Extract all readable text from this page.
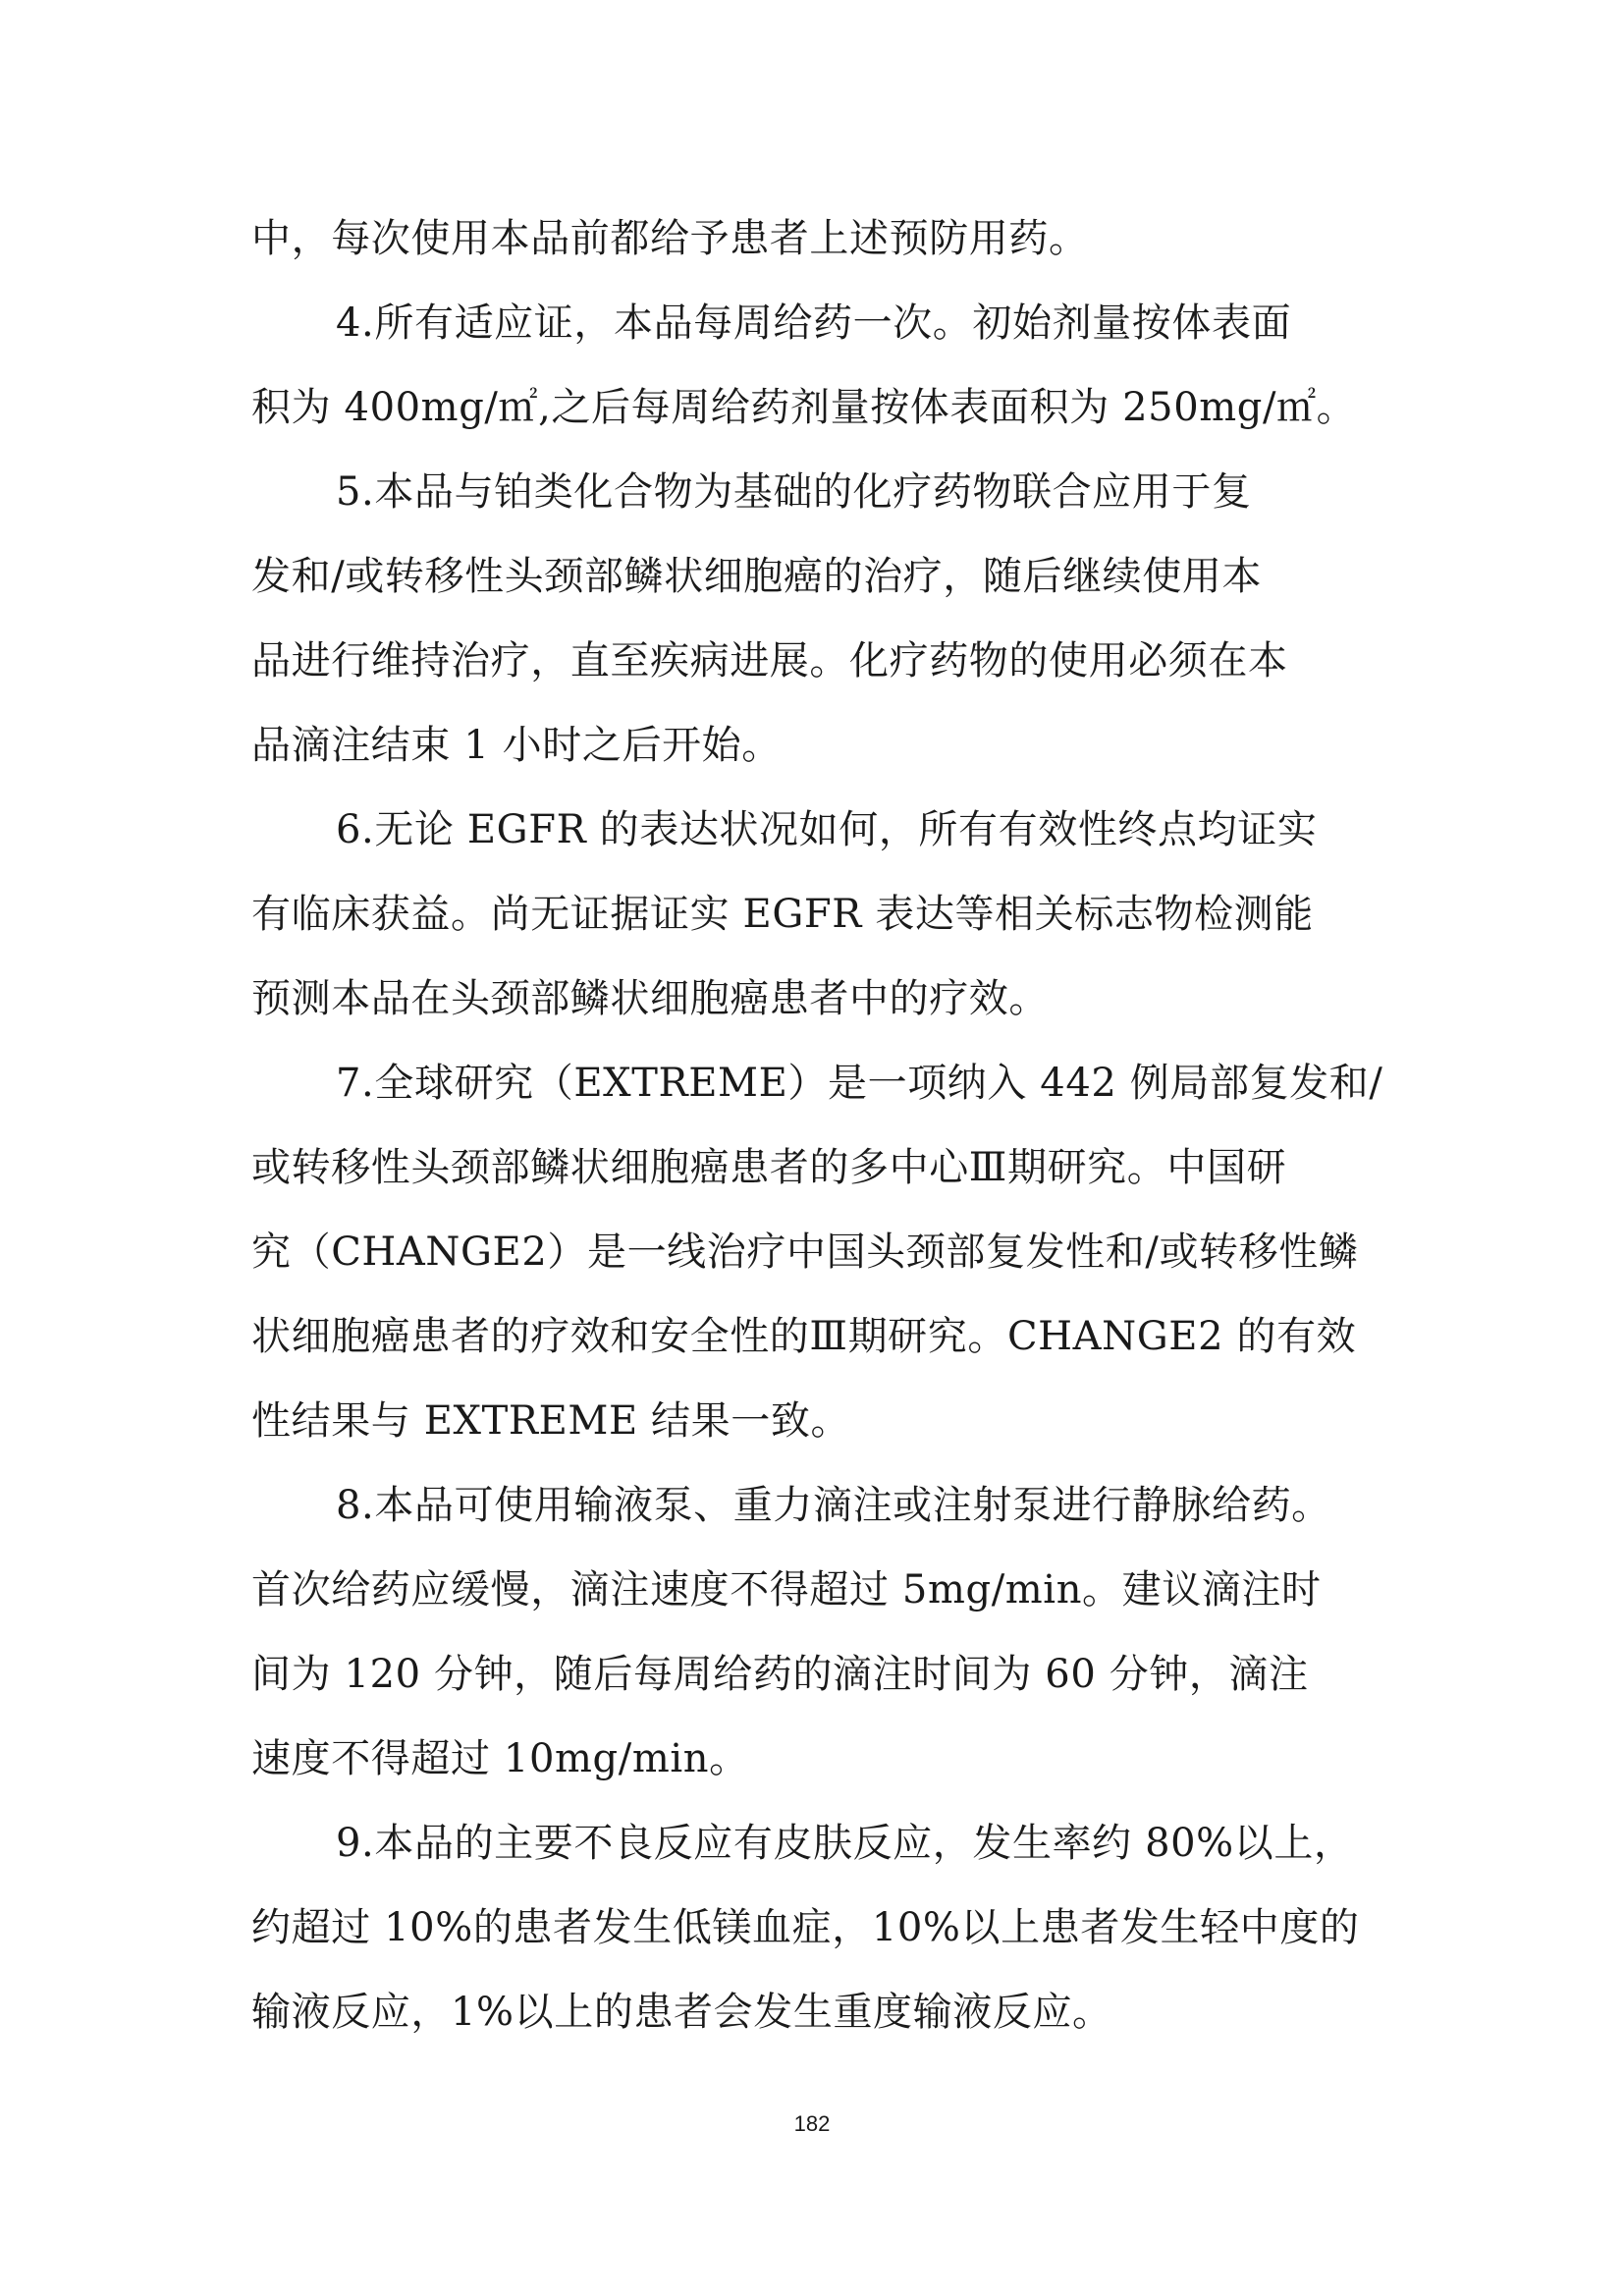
中，每次使用本品前都给予患者上述预防用药。
4.所有适应证，本品每周给药一次。初始剂量按体表面
积为 400mg/㎡,之后每周给药剂量按体表面积为 250mg/㎡。
5.本品与铂类化合物为基础的化疗药物联合应用于复
发和/或转移性头颈部鳞状细胞癌的治疗，随后继续使用本
品进行维持治疗，直至疾病进展。化疗药物的使用必须在本
品滴注结束 1 小时之后开始。
6.无论 EGFR 的表达状况如何，所有有效性终点均证实
有临床获益。尚无证据证实 EGFR 表达等相关标志物检测能
预测本品在头颈部鳞状细胞癌患者中的疗效。
7.全球研究（EXTREME）是一项纳入 442 例局部复发和/
或转移性头颈部鳞状细胞癌患者的多中心Ⅲ期研究。中国研
究（CHANGE2）是一线治疗中国头颈部复发性和/或转移性鳞
状细胞癌患者的疗效和安全性的Ⅲ期研究。CHANGE2 的有效
性结果与 EXTREME 结果一致。
8.本品可使用输液泵、重力滴注或注射泵进行静脉给药。
首次给药应缓慢，滴注速度不得超过 5mg/min。建议滴注时
间为 120 分钟，随后每周给药的滴注时间为 60 分钟，滴注
速度不得超过 10mg/min。
9.本品的主要不良反应有皮肤反应，发生率约 80%以上，
约超过 10%的患者发生低镁血症，10%以上患者发生轻中度的
输液反应，1%以上的患者会发生重度输液反应。
182
